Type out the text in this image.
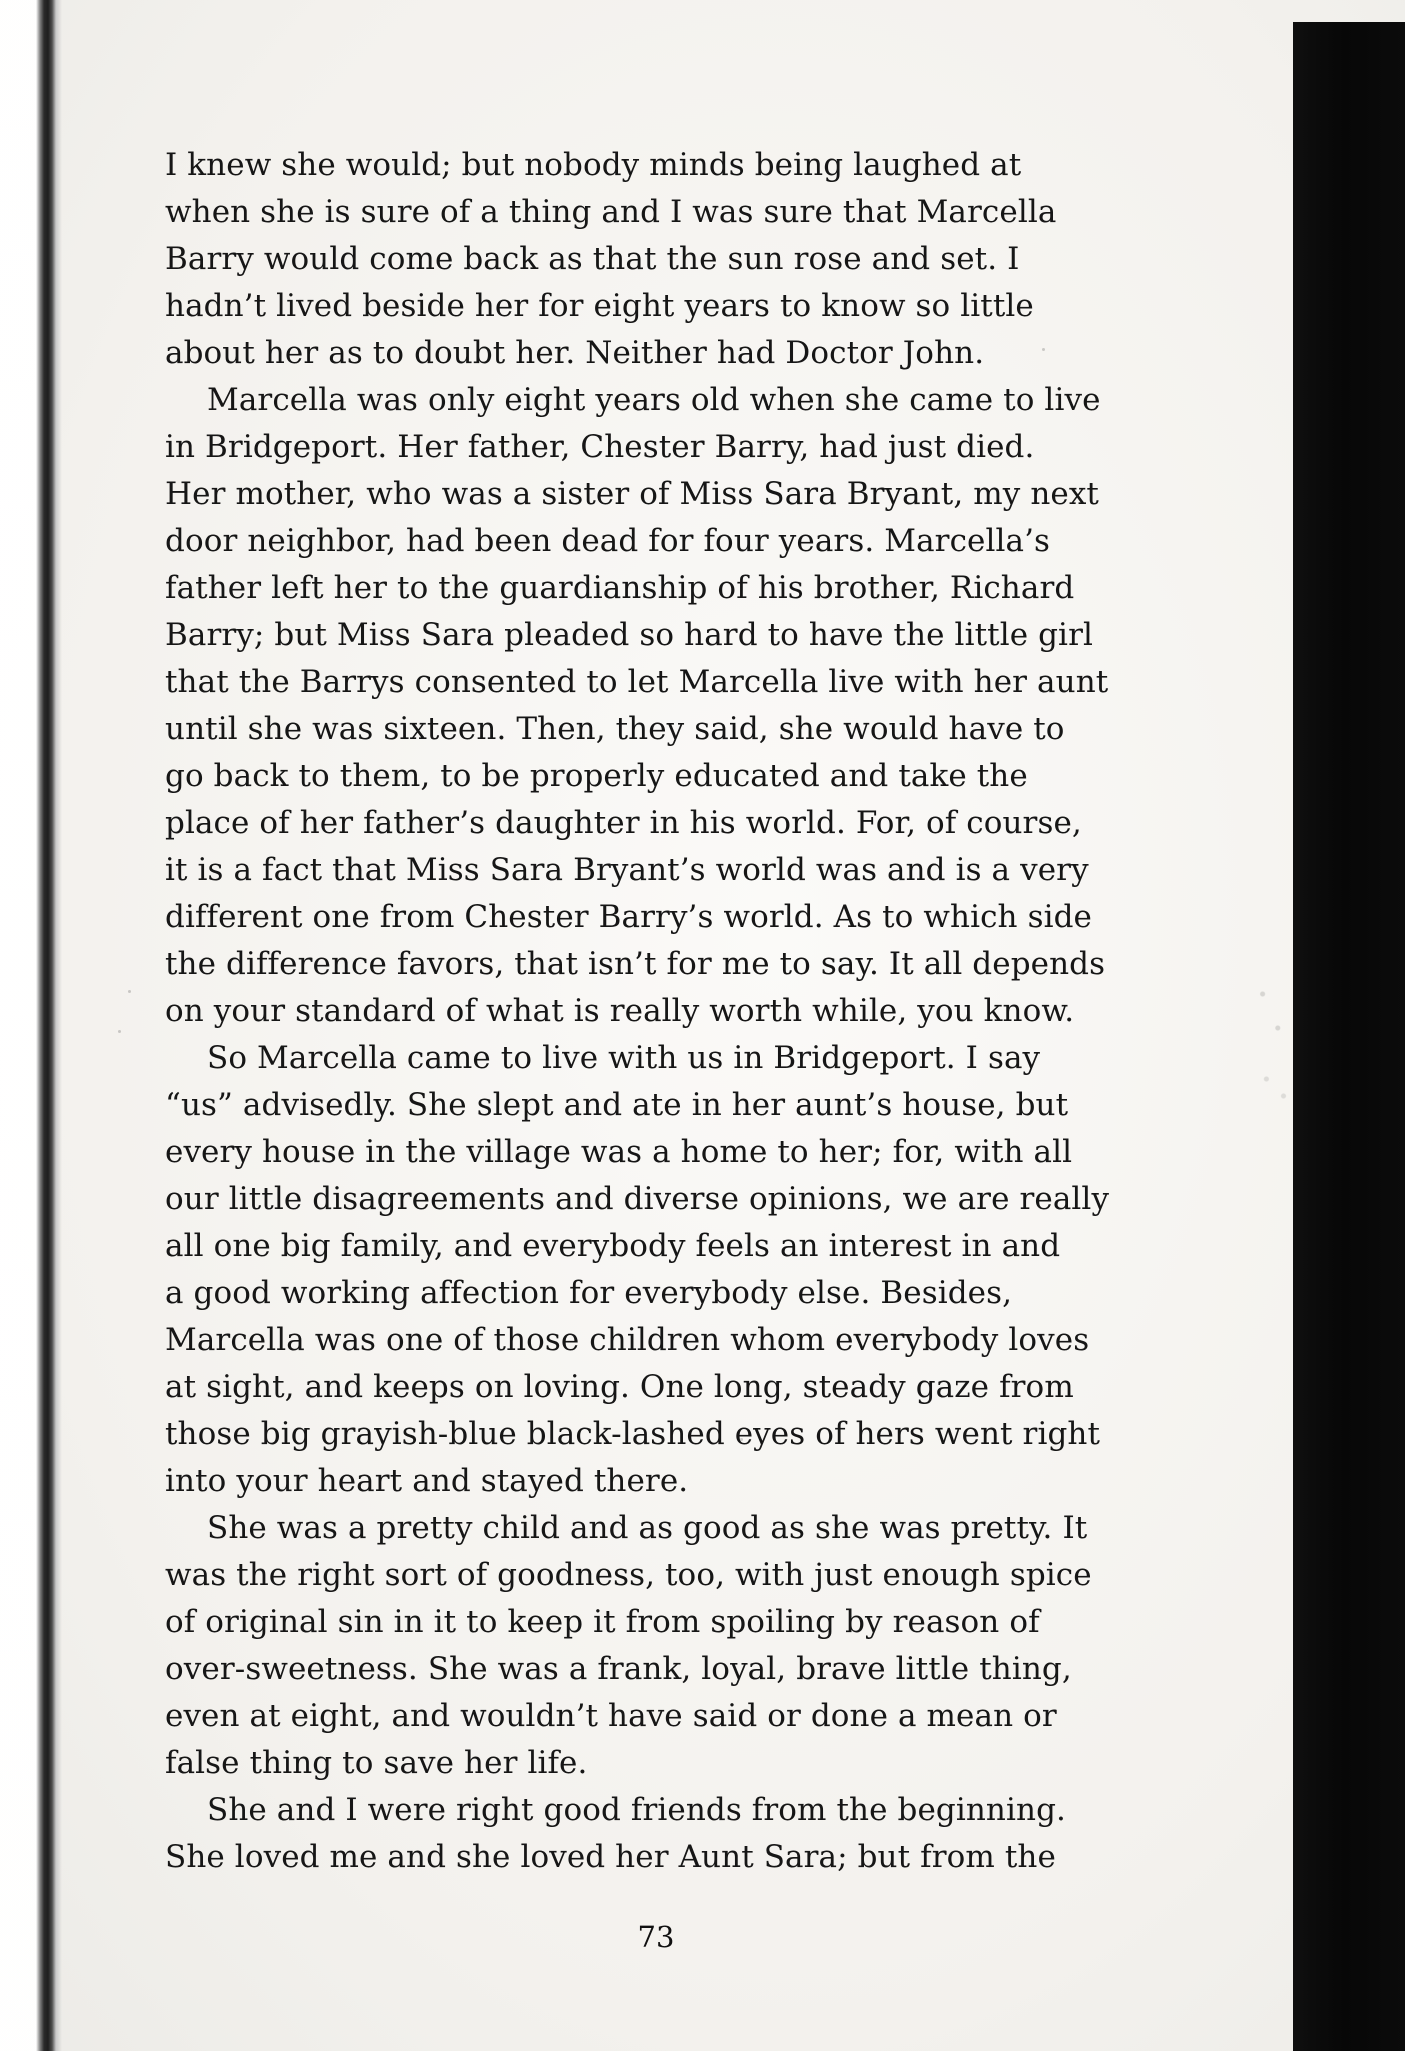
I knew she would; but nobody minds being laughed at
when she is sure of a thing and I was sure that Marcella
Barry would come back as that the sun rose and set. I
hadn’t lived beside her for eight years to know so little
about her as to doubt her. Neither had Doctor John.
Marcella was only eight years old when she came to live
in Bridgeport. Her father, Chester Barry, had just died.
Her mother, who was a sister of Miss Sara Bryant, my next
door neighbor, had been dead for four years. Marcella’s
father left her to the guardianship of his brother, Richard
Barry; but Miss Sara pleaded so hard to have the little girl
that the Barrys consented to let Marcella live with her aunt
until she was sixteen. Then, they said, she would have to
go back to them, to be properly educated and take the
place of her father’s daughter in his world. For, of course,
it is a fact that Miss Sara Bryant’s world was and is a very
different one from Chester Barry’s world. As to which side
the difference favors, that isn’t for me to say. It all depends
on your standard of what is really worth while, you know.
So Marcella came to live with us in Bridgeport. I say
“us” advisedly. She slept and ate in her aunt’s house, but
every house in the village was a home to her; for, with all
our little disagreements and diverse opinions, we are really
all one big family, and everybody feels an interest in and
a good working affection for everybody else. Besides,
Marcella was one of those children whom everybody loves
at sight, and keeps on loving. One long, steady gaze from
those big grayish-blue black-lashed eyes of hers went right
into your heart and stayed there.
She was a pretty child and as good as she was pretty. It
was the right sort of goodness, too, with just enough spice
of original sin in it to keep it from spoiling by reason of
over-sweetness. She was a frank, loyal, brave little thing,
even at eight, and wouldn’t have said or done a mean or
false thing to save her life.
She and I were right good friends from the beginning.
She loved me and she loved her Aunt Sara; but from the
73
